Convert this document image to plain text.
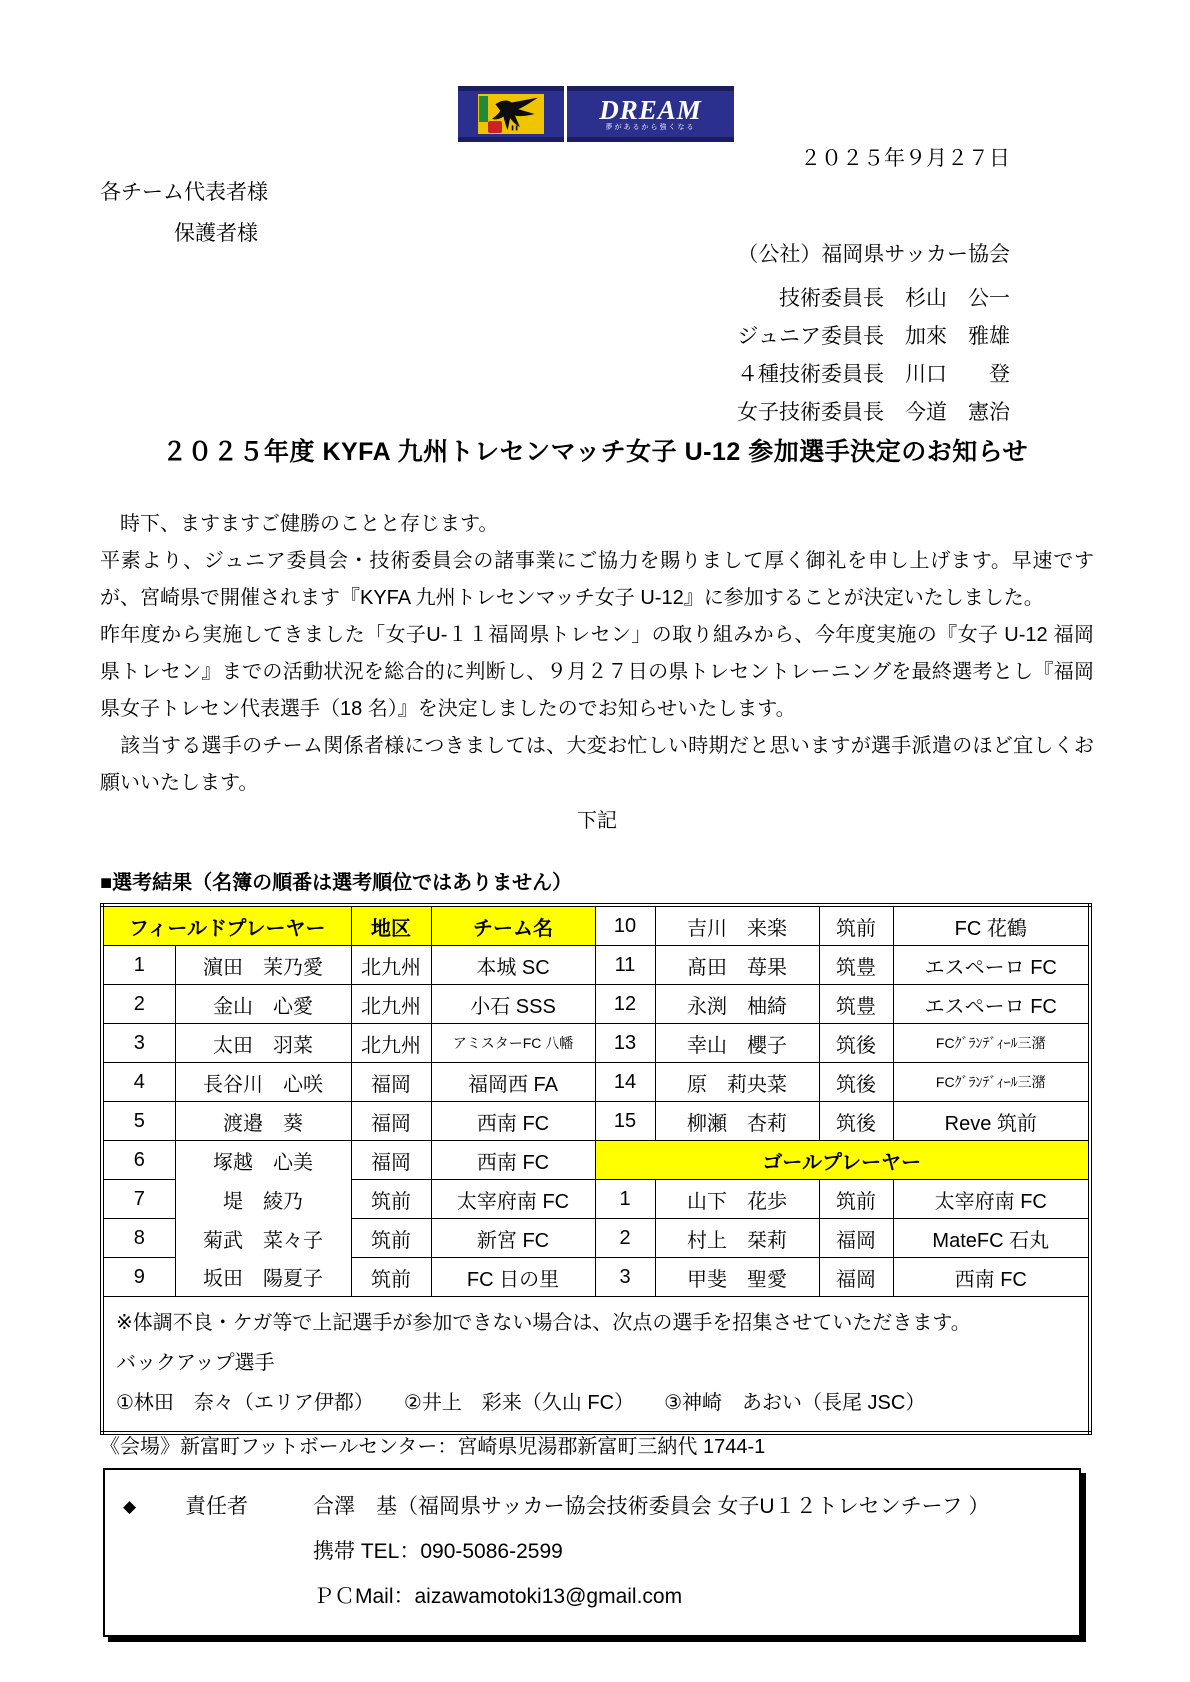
DREAM
夢があるから強くなる
２０２５年９月２７日
各チーム代表者様
保護者様
（公社）福岡県サッカー協会
技術委員長　杉山　公一
ジュニア委員長　加來　雅雄
４種技術委員長　川口　　登
女子技術委員長　今道　憲治
２０２５年度 KYFA 九州トレセンマッチ女子 U-12 参加選手決定のお知らせ
　時下、ますますご健勝のことと存じます。
平素より、ジュニア委員会・技術委員会の諸事業にご協力を賜りまして厚く御礼を申し上げます。早速ですが、宮崎県で開催されます『KYFA 九州トレセンマッチ女子 U-12』に参加することが決定いたしました。
昨年度から実施してきました「女子U-１１福岡県トレセン」の取り組みから、今年度実施の『女子 U-12 福岡県トレセン』までの活動状況を総合的に判断し、９月２７日の県トレセントレーニングを最終選考とし『福岡県女子トレセン代表選手（18 名）』を決定しましたのでお知らせいたします。
　該当する選手のチーム関係者様につきましては、大変お忙しい時期だと思いますが選手派遣のほど宜しくお願いいたします。
下記
■選考結果（名簿の順番は選考順位ではありません）
フィールドプレーヤー		地区	チーム名	10	吉川　来楽	筑前	FC 花鶴
1	濵田　茉乃愛	北九州	本城 SC	11	髙田　苺果	筑豊	エスペーロ FC
2	金山　心愛	北九州	小石 SSS	12	永渕　柚綺	筑豊	エスペーロ FC
3	太田　羽菜	北九州	アミスターFC 八幡	13	幸山　櫻子	筑後	FCｸﾞﾗﾝﾃﾞｨｰﾙ三潴
4	長谷川　心咲	福岡	福岡西 FA	14	原　莉央菜	筑後	FCｸﾞﾗﾝﾃﾞｨｰﾙ三潴
5	渡邉　葵	福岡	西南 FC	15	柳瀬　杏莉	筑後	Reve 筑前
6	塚越　心美	福岡	西南 FC	ゴールプレーヤー			
7	堤　綾乃	筑前	太宰府南 FC	1	山下　花歩	筑前	太宰府南 FC
8	菊武　菜々子	筑前	新宮 FC	2	村上　栞莉	福岡	MateFC 石丸
9	坂田　陽夏子	筑前	FC 日の里	3	甲斐　聖愛	福岡	西南 FC

※体調不良・ケガ等で上記選手が参加できない場合は、次点の選手を招集させていただきます。
バックアップ選手
①林田　奈々（エリア伊都）　　②井上　彩来（久山 FC）　　③神崎　あおい（長尾 JSC）							
《会場》新富町フットボールセンター：宮崎県児湯郡新富町三納代 1744-1
◆	責任者	合澤　基（福岡県サッカー協会技術委員会 女子U１２トレセンチーフ ）
携帯 TEL：090-5086-2599
ＰＣMail：aizawamotoki13@gmail.com
